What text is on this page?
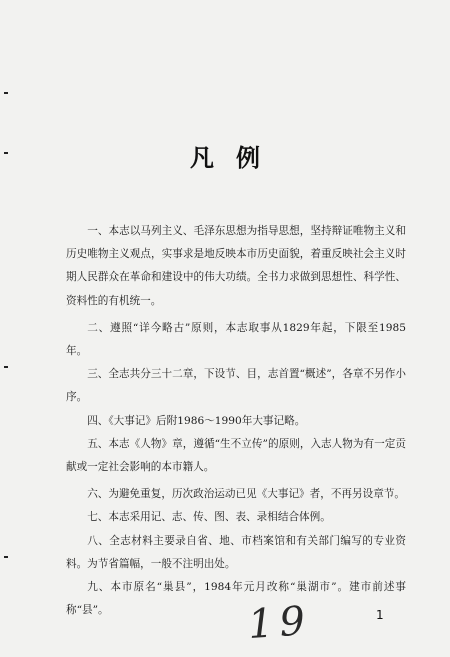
凡例

一、本志以马列主义、毛泽东思想为指导思想，坚持辩证唯物主义和历史唯物主义观点，实事求是地反映本市历史面貌，着重反映社会主义时期人民群众在革命和建设中的伟大功绩。全书力求做到思想性、科学性、资料性的有机统一。

二、遵照“详今略古”原则，本志取事从1829年起，下限至1985年。

三、全志共分三十二章，下设节、目，志首置“概述”，各章不另作小序。

四、《大事记》后附1986～1990年大事记略。

五、本志《人物》章，遵循“生不立传”的原则，入志人物为有一定贡献或一定社会影响的本市籍人。

六、为避免重复，历次政治运动已见《大事记》者，不再另设章节。

七、本志采用记、志、传、图、表、录相结合体例。

八、全志材料主要录自省、地、市档案馆和有关部门编写的专业资料。为节省篇幅，一般不注明出处。

九、本市原名“巢县”，1984年元月改称“巢湖市”。建市前述事称“县”。	19	1
